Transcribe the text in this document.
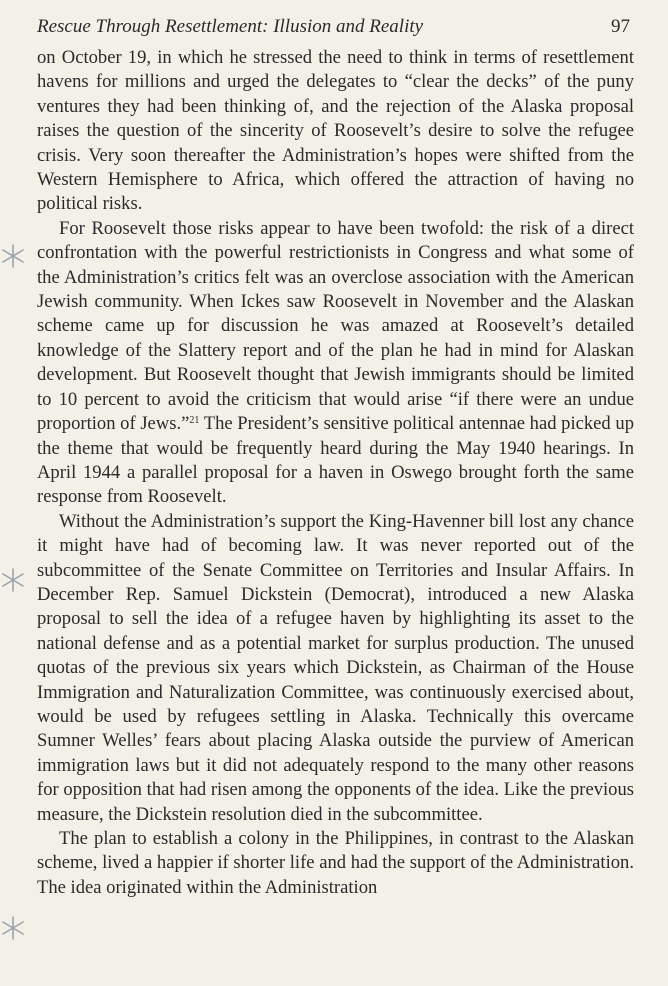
Rescue Through Resettlement: Illusion and Reality	97

on October 19, in which he stressed the need to think in terms of resettlement havens for millions and urged the delegates to “clear the decks” of the puny ventures they had been thinking of, and the rejection of the Alaska proposal raises the question of the sincerity of Roosevelt’s desire to solve the refugee crisis. Very soon thereafter the Administration’s hopes were shifted from the Western Hemisphere to Africa, which offered the attraction of having no political risks.

For Roosevelt those risks appear to have been twofold: the risk of a direct confrontation with the powerful restrictionists in Congress and what some of the Administration’s critics felt was an overclose association with the American Jewish community. When Ickes saw Roosevelt in November and the Alaskan scheme came up for discussion he was amazed at Roosevelt’s detailed knowledge of the Slattery report and of the plan he had in mind for Alaskan development. But Roosevelt thought that Jewish immigrants should be limited to 10 percent to avoid the criticism that would arise “if there were an undue proportion of Jews.”$^{21}$ The President’s sensitive political antennae had picked up the theme that would be frequently heard during the May 1940 hearings. In April 1944 a parallel proposal for a haven in Oswego brought forth the same response from Roosevelt.

Without the Administration’s support the King-Havenner bill lost any chance it might have had of becoming law. It was never reported out of the subcommittee of the Senate Committee on Territories and Insular Affairs. In December Rep. Samuel Dickstein (Democrat), introduced a new Alaska proposal to sell the idea of a refugee haven by highlighting its asset to the national defense and as a potential market for surplus production. The unused quotas of the previous six years which Dickstein, as Chairman of the House Immigration and Naturalization Committee, was continuously exercised about, would be used by refugees settling in Alaska. Technically this overcame Sumner Welles’ fears about placing Alaska outside the purview of American immigration laws but it did not adequately respond to the many other reasons for opposition that had risen among the opponents of the idea. Like the previous measure, the Dickstein resolution died in the subcommittee.

The plan to establish a colony in the Philippines, in contrast to the Alaskan scheme, lived a happier if shorter life and had the support of the Administration. The idea originated within the Administration
